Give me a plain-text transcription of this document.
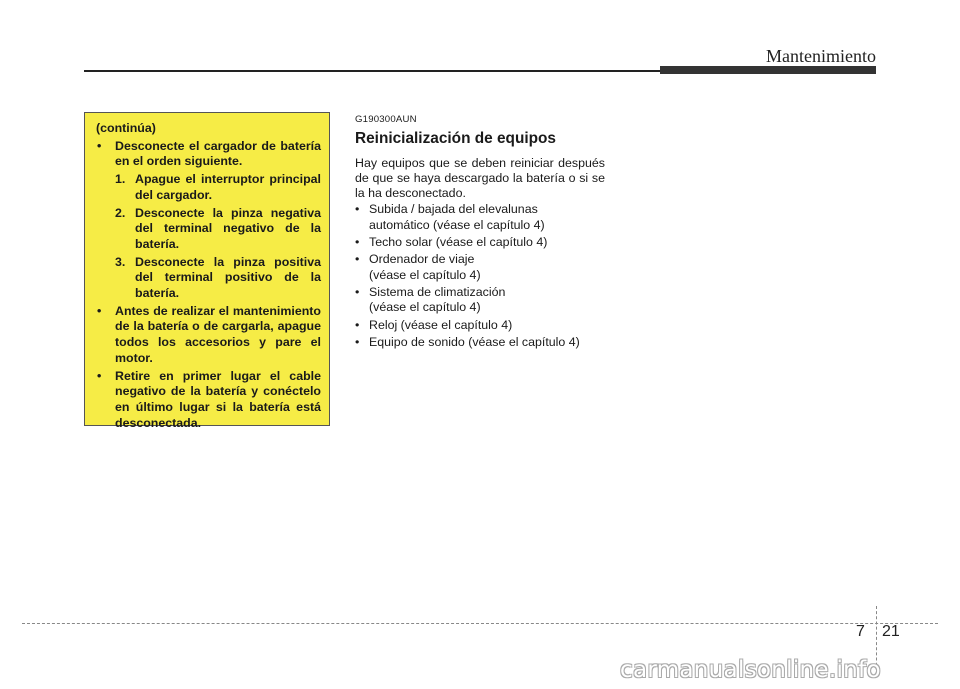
Mantenimiento
(continúa)
• Desconecte el cargador de batería en el orden siguiente.
1. Apague el interruptor principal del cargador.
2. Desconecte la pinza negativa del terminal negativo de la batería.
3. Desconecte la pinza positiva del terminal positivo de la batería.
• Antes de realizar el mantenimiento de la batería o de cargarla, apague todos los accesorios y pare el motor.
• Retire en primer lugar el cable negativo de la batería y conéctelo en último lugar si la batería está desconectada.
G190300AUN
Reinicialización de equipos

Hay equipos que se deben reiniciar después de que se haya descargado la batería o si se la ha desconectado.

• Subida / bajada del elevalunas
automático (véase el capítulo 4)
• Techo solar (véase el capítulo 4)
• Ordenador de viaje
(véase el capítulo 4)
• Sistema de climatización
(véase el capítulo 4)
• Reloj (véase el capítulo 4)
• Equipo de sonido (véase el capítulo 4)
7 21
carmanualsonline.info
